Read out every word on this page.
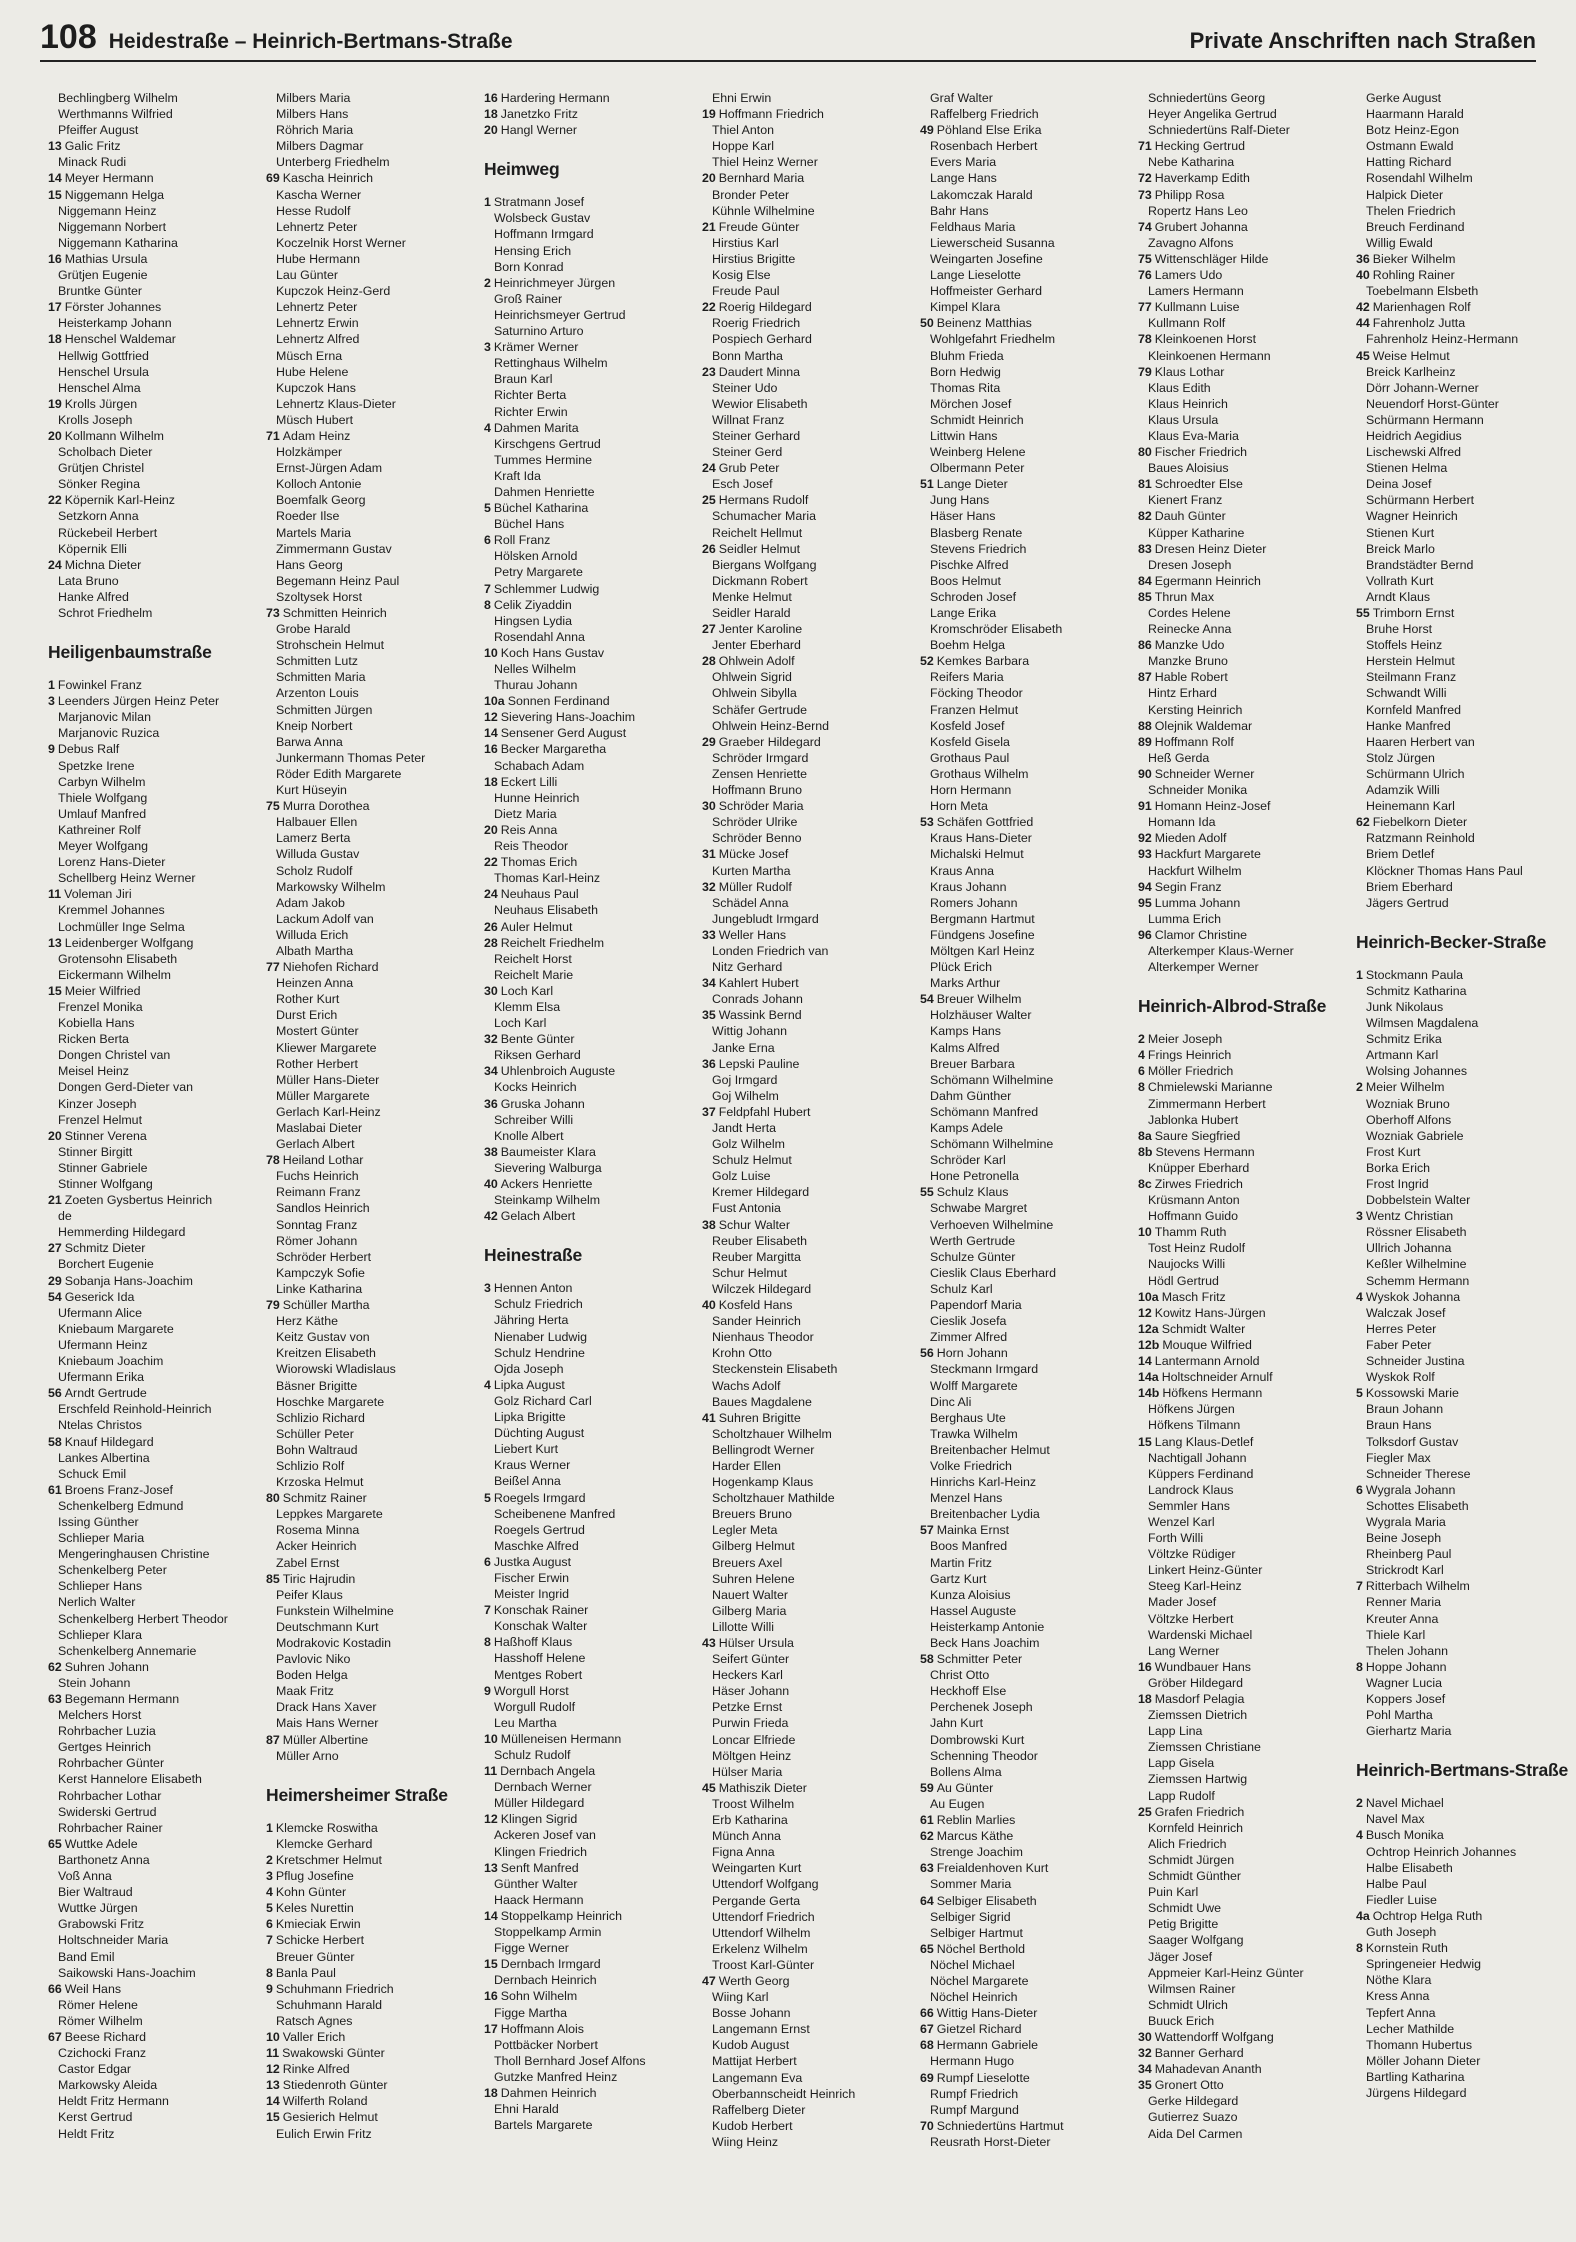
108 Heidestraße – Heinrich-Bertmans-Straße	Private Anschriften nach Straßen
Bechlingberg Wilhelm
Werthmanns Wilfried
Pfeiffer August
13 Galic Fritz
Minack Rudi
14 Meyer Hermann
15 Niggemann Helga
Niggemann Heinz
Niggemann Norbert
Niggemann Katharina
16 Mathias Ursula
Grütjen Eugenie
Bruntke Günter
17 Förster Johannes
Heisterkamp Johann
18 Henschel Waldemar
Hellwig Gottfried
Henschel Ursula
Henschel Alma
19 Krolls Jürgen
Krolls Joseph
20 Kollmann Wilhelm
Scholbach Dieter
Grütjen Christel
Sönker Regina
22 Köpernik Karl-Heinz
Setzkorn Anna
Rückebeil Herbert
Köpernik Elli
24 Michna Dieter
Lata Bruno
Hanke Alfred
Schrot Friedhelm
Heiligenbaumstraße
1 Fowinkel Franz
3 Leenders Jürgen Heinz Peter
Marjanovic Milan
Marjanovic Ruzica
9 Debus Ralf
Spetzke Irene
Carbyn Wilhelm
Thiele Wolfgang
Umlauf Manfred
Kathreiner Rolf
Meyer Wolfgang
Lorenz Hans-Dieter
Schellberg Heinz Werner
11 Voleman Jiri
Kremmel Johannes
Lochmüller Inge Selma
13 Leidenberger Wolfgang
Grotensohn Elisabeth
Eickermann Wilhelm
15 Meier Wilfried
Frenzel Monika
Kobiella Hans
Ricken Berta
Dongen Christel van
Meisel Heinz
Dongen Gerd-Dieter van
Kinzer Joseph
Frenzel Helmut
20 Stinner Verena
Stinner Birgitt
Stinner Gabriele
Stinner Wolfgang
21 Zoeten Gysbertus Heinrich
de
Hemmerding Hildegard
27 Schmitz Dieter
Borchert Eugenie
29 Sobanja Hans-Joachim
54 Geserick Ida
Ufermann Alice
Kniebaum Margarete
Ufermann Heinz
Kniebaum Joachim
Ufermann Erika
56 Arndt Gertrude
Erschfeld Reinhold-Heinrich
Ntelas Christos
58 Knauf Hildegard
Lankes Albertina
Schuck Emil
61 Broens Franz-Josef
Schenkelberg Edmund
Issing Günther
Schlieper Maria
Mengeringhausen Christine
Schenkelberg Peter
Schlieper Hans
Nerlich Walter
Schenkelberg Herbert Theodor
Schlieper Klara
Schenkelberg Annemarie
62 Suhren Johann
Stein Johann
63 Begemann Hermann
Melchers Horst
Rohrbacher Luzia
Gertges Heinrich
Rohrbacher Günter
Kerst Hannelore Elisabeth
Rohrbacher Lothar
Swiderski Gertrud
Rohrbacher Rainer
65 Wuttke Adele
Barthonetz Anna
Voß Anna
Bier Waltraud
Wuttke Jürgen
Grabowski Fritz
Holtschneider Maria
Band Emil
Saikowski Hans-Joachim
66 Weil Hans
Römer Helene
Römer Wilhelm
67 Beese Richard
Czichocki Franz
Castor Edgar
Markowsky Aleida
Heldt Fritz Hermann
Kerst Gertrud
Heldt Fritz
Milbers Maria
Milbers Hans
Röhrich Maria
Milbers Dagmar
Unterberg Friedhelm
69 Kascha Heinrich
Kascha Werner
Hesse Rudolf
Lehnertz Peter
Koczelnik Horst Werner
Hube Hermann
Lau Günter
Kupczok Heinz-Gerd
Lehnertz Peter
Lehnertz Erwin
Lehnertz Alfred
Müsch Erna
Hube Helene
Kupczok Hans
Lehnertz Klaus-Dieter
Müsch Hubert
71 Adam Heinz
Holzkämper
Ernst-Jürgen Adam
Kolloch Antonie
Boemfalk Georg
Roeder Ilse
Martels Maria
Zimmermann Gustav
Hans Georg
Begemann Heinz Paul
Szoltysek Horst
73 Schmitten Heinrich
Grobe Harald
Strohschein Helmut
Schmitten Lutz
Schmitten Maria
Arzenton Louis
Schmitten Jürgen
Kneip Norbert
Barwa Anna
Junkermann Thomas Peter
Röder Edith Margarete
Kurt Hüseyin
75 Murra Dorothea
Halbauer Ellen
Lamerz Berta
Willuda Gustav
Scholz Rudolf
Markowsky Wilhelm
Adam Jakob
Lackum Adolf van
Willuda Erich
Albath Martha
77 Niehofen Richard
Heinzen Anna
Rother Kurt
Durst Erich
Mostert Günter
Kliewer Margarete
Rother Herbert
Müller Hans-Dieter
Müller Margarete
Gerlach Karl-Heinz
Maslabai Dieter
Gerlach Albert
78 Heiland Lothar
Fuchs Heinrich
Reimann Franz
Sandlos Heinrich
Sonntag Franz
Römer Johann
Schröder Herbert
Kampczyk Sofie
Linke Katharina
79 Schüller Martha
Herz Käthe
Keitz Gustav von
Kreitzen Elisabeth
Wiorowski Wladislaus
Bäsner Brigitte
Hoschke Margarete
Schlizio Richard
Schüller Peter
Bohn Waltraud
Schlizio Rolf
Krzoska Helmut
80 Schmitz Rainer
Leppkes Margarete
Rosema Minna
Acker Heinrich
Zabel Ernst
85 Tiric Hajrudin
Peifer Klaus
Funkstein Wilhelmine
Deutschmann Kurt
Modrakovic Kostadin
Pavlovic Niko
Boden Helga
Maak Fritz
Drack Hans Xaver
Mais Hans Werner
87 Müller Albertine
Müller Arno
Heimersheimer Straße
1 Klemcke Roswitha
Klemcke Gerhard
2 Kretschmer Helmut
3 Pflug Josefine
4 Kohn Günter
5 Keles Nurettin
6 Kmieciak Erwin
7 Schicke Herbert
Breuer Günter
8 Banla Paul
9 Schuhmann Friedrich
Schuhmann Harald
Ratsch Agnes
10 Valler Erich
11 Swakowski Günter
12 Rinke Alfred
13 Stiedenroth Günter
14 Wilferth Roland
15 Gesierich Helmut
Eulich Erwin Fritz
16 Hardering Hermann
18 Janetzko Fritz
20 Hangl Werner
Heimweg
1 Stratmann Josef
Wolsbeck Gustav
Hoffmann Irmgard
Hensing Erich
Born Konrad
2 Heinrichmeyer Jürgen
Groß Rainer
Heinrichsmeyer Gertrud
Saturnino Arturo
3 Krämer Werner
Rettinghaus Wilhelm
Braun Karl
Richter Berta
Richter Erwin
4 Dahmen Marita
Kirschgens Gertrud
Tummes Hermine
Kraft Ida
Dahmen Henriette
5 Büchel Katharina
Büchel Hans
6 Roll Franz
Hölsken Arnold
Petry Margarete
7 Schlemmer Ludwig
8 Celik Ziyaddin
Hingsen Lydia
Rosendahl Anna
10 Koch Hans Gustav
Nelles Wilhelm
Thurau Johann
10a Sonnen Ferdinand
12 Sievering Hans-Joachim
14 Sensener Gerd August
16 Becker Margaretha
Schabach Adam
18 Eckert Lilli
Hunne Heinrich
Dietz Maria
20 Reis Anna
Reis Theodor
22 Thomas Erich
Thomas Karl-Heinz
24 Neuhaus Paul
Neuhaus Elisabeth
26 Auler Helmut
28 Reichelt Friedhelm
Reichelt Horst
Reichelt Marie
30 Loch Karl
Klemm Elsa
Loch Karl
32 Bente Günter
Riksen Gerhard
34 Uhlenbroich Auguste
Kocks Heinrich
36 Gruska Johann
Schreiber Willi
Knolle Albert
38 Baumeister Klara
Sievering Walburga
40 Ackers Henriette
Steinkamp Wilhelm
42 Gelach Albert
Heinestraße
3 Hennen Anton
Schulz Friedrich
Jähring Herta
Nienaber Ludwig
Schulz Hendrine
Ojda Joseph
4 Lipka August
Golz Richard Carl
Lipka Brigitte
Düchting August
Liebert Kurt
Kraus Werner
Beißel Anna
5 Roegels Irmgard
Scheibenene Manfred
Roegels Gertrud
Maschke Alfred
6 Justka August
Fischer Erwin
Meister Ingrid
7 Konschak Rainer
Konschak Walter
8 Haßhoff Klaus
Hasshoff Helene
Mentges Robert
9 Worgull Horst
Worgull Rudolf
Leu Martha
10 Mülleneisen Hermann
Schulz Rudolf
11 Dernbach Angela
Dernbach Werner
Müller Hildegard
12 Klingen Sigrid
Ackeren Josef van
Klingen Friedrich
13 Senft Manfred
Günther Walter
Haack Hermann
14 Stoppelkamp Heinrich
Stoppelkamp Armin
Figge Werner
15 Dernbach Irmgard
Dernbach Heinrich
16 Sohn Wilhelm
Figge Martha
17 Hoffmann Alois
Pottbäcker Norbert
Tholl Bernhard Josef Alfons
Gutzke Manfred Heinz
18 Dahmen Heinrich
Ehni Harald
Bartels Margarete
Ehni Erwin
19 Hoffmann Friedrich
Thiel Anton
Hoppe Karl
Thiel Heinz Werner
20 Bernhard Maria
Bronder Peter
Kühnle Wilhelmine
21 Freude Günter
Hirstius Karl
Hirstius Brigitte
Kosig Else
Freude Paul
22 Roerig Hildegard
Roerig Friedrich
Pospiech Gerhard
Bonn Martha
23 Daudert Minna
Steiner Udo
Wewior Elisabeth
Willnat Franz
Steiner Gerhard
Steiner Gerd
24 Grub Peter
Esch Josef
25 Hermans Rudolf
Schumacher Maria
Reichelt Hellmut
26 Seidler Helmut
Biergans Wolfgang
Dickmann Robert
Menke Helmut
Seidler Harald
27 Jenter Karoline
Jenter Eberhard
28 Ohlwein Adolf
Ohlwein Sigrid
Ohlwein Sibylla
Schäfer Gertrude
Ohlwein Heinz-Bernd
29 Graeber Hildegard
Schröder Irmgard
Zensen Henriette
Hoffmann Bruno
30 Schröder Maria
Schröder Ulrike
Schröder Benno
31 Mücke Josef
Kurten Martha
32 Müller Rudolf
Schädel Anna
Jungebludt Irmgard
33 Weller Hans
Londen Friedrich van
Nitz Gerhard
34 Kahlert Hubert
Conrads Johann
35 Wassink Bernd
Wittig Johann
Janke Erna
36 Lepski Pauline
Goj Irmgard
Goj Wilhelm
37 Feldpfahl Hubert
Jandt Herta
Golz Wilhelm
Schulz Helmut
Golz Luise
Kremer Hildegard
Fust Antonia
38 Schur Walter
Reuber Elisabeth
Reuber Margitta
Schur Helmut
Wilczek Hildegard
40 Kosfeld Hans
Sander Heinrich
Nienhaus Theodor
Krohn Otto
Steckenstein Elisabeth
Wachs Adolf
Baues Magdalene
41 Suhren Brigitte
Scholtzhauer Wilhelm
Bellingrodt Werner
Harder Ellen
Hogenkamp Klaus
Scholtzhauer Mathilde
Breuers Bruno
Legler Meta
Gilberg Helmut
Breuers Axel
Suhren Helene
Nauert Walter
Gilberg Maria
Lillotte Willi
43 Hülser Ursula
Seifert Günter
Heckers Karl
Häser Johann
Petzke Ernst
Purwin Frieda
Loncar Elfriede
Möltgen Heinz
Hülser Maria
45 Mathiszik Dieter
Troost Wilhelm
Erb Katharina
Münch Anna
Figna Anna
Weingarten Kurt
Uttendorf Wolfgang
Pergande Gerta
Uttendorf Friedrich
Uttendorf Wilhelm
Erkelenz Wilhelm
Troost Karl-Günter
47 Werth Georg
Wiing Karl
Bosse Johann
Langemann Ernst
Kudob August
Mattijat Herbert
Langemann Eva
Oberbannscheidt Heinrich
Raffelberg Dieter
Kudob Herbert
Wiing Heinz
Graf Walter
Raffelberg Friedrich
49 Pöhland Else Erika
Rosenbach Herbert
Evers Maria
Lange Hans
Lakomczak Harald
Bahr Hans
Feldhaus Maria
Liewerscheid Susanna
Weingarten Josefine
Lange Lieselotte
Hoffmeister Gerhard
Kimpel Klara
50 Beinenz Matthias
Wohlgefahrt Friedhelm
Bluhm Frieda
Born Hedwig
Thomas Rita
Mörchen Josef
Schmidt Heinrich
Littwin Hans
Weinberg Helene
Olbermann Peter
51 Lange Dieter
Jung Hans
Häser Hans
Blasberg Renate
Stevens Friedrich
Pischke Alfred
Boos Helmut
Schroden Josef
Lange Erika
Kromschröder Elisabeth
Boehm Helga
52 Kemkes Barbara
Reifers Maria
Föcking Theodor
Franzen Helmut
Kosfeld Josef
Kosfeld Gisela
Grothaus Paul
Grothaus Wilhelm
Horn Hermann
Horn Meta
53 Schäfen Gottfried
Kraus Hans-Dieter
Michalski Helmut
Kraus Anna
Kraus Johann
Romers Johann
Bergmann Hartmut
Fündgens Josefine
Möltgen Karl Heinz
Plück Erich
Marks Arthur
54 Breuer Wilhelm
Holzhäuser Walter
Kamps Hans
Kalms Alfred
Breuer Barbara
Schömann Wilhelmine
Dahm Günther
Schömann Manfred
Kamps Adele
Schömann Wilhelmine
Schröder Karl
Hone Petronella
55 Schulz Klaus
Schwabe Margret
Verhoeven Wilhelmine
Werth Gertrude
Schulze Günter
Cieslik Claus Eberhard
Schulz Karl
Papendorf Maria
Cieslik Josefa
Zimmer Alfred
56 Horn Johann
Steckmann Irmgard
Wolff Margarete
Dinc Ali
Berghaus Ute
Trawka Wilhelm
Breitenbacher Helmut
Volke Friedrich
Hinrichs Karl-Heinz
Menzel Hans
Breitenbacher Lydia
57 Mainka Ernst
Boos Manfred
Martin Fritz
Gartz Kurt
Kunza Aloisius
Hassel Auguste
Heisterkamp Antonie
Beck Hans Joachim
58 Schmitter Peter
Christ Otto
Heckhoff Else
Perchenek Joseph
Jahn Kurt
Dombrowski Kurt
Schenning Theodor
Bollens Alma
59 Au Günter
Au Eugen
61 Reblin Marlies
62 Marcus Käthe
Strenge Joachim
63 Freialdenhoven Kurt
Sommer Maria
64 Selbiger Elisabeth
Selbiger Sigrid
Selbiger Hartmut
65 Nöchel Berthold
Nöchel Michael
Nöchel Margarete
Nöchel Heinrich
66 Wittig Hans-Dieter
67 Gietzel Richard
68 Hermann Gabriele
Hermann Hugo
69 Rumpf Lieselotte
Rumpf Friedrich
Rumpf Margund
70 Schniedertüns Hartmut
Reusrath Horst-Dieter
Schniedertüns Georg
Heyer Angelika Gertrud
Schniedertüns Ralf-Dieter
71 Hecking Gertrud
Nebe Katharina
72 Haverkamp Edith
73 Philipp Rosa
Ropertz Hans Leo
74 Grubert Johanna
Zavagno Alfons
75 Wittenschläger Hilde
76 Lamers Udo
Lamers Hermann
77 Kullmann Luise
Kullmann Rolf
78 Kleinkoenen Horst
Kleinkoenen Hermann
79 Klaus Lothar
Klaus Edith
Klaus Heinrich
Klaus Ursula
Klaus Eva-Maria
80 Fischer Friedrich
Baues Aloisius
81 Schroedter Else
Kienert Franz
82 Dauh Günter
Küpper Katharine
83 Dresen Heinz Dieter
Dresen Joseph
84 Egermann Heinrich
85 Thrun Max
Cordes Helene
Reinecke Anna
86 Manzke Udo
Manzke Bruno
87 Hable Robert
Hintz Erhard
Kersting Heinrich
88 Olejnik Waldemar
89 Hoffmann Rolf
Heß Gerda
90 Schneider Werner
Schneider Monika
91 Homann Heinz-Josef
Homann Ida
92 Mieden Adolf
93 Hackfurt Margarete
Hackfurt Wilhelm
94 Segin Franz
95 Lumma Johann
Lumma Erich
96 Clamor Christine
Alterkemper Klaus-Werner
Alterkemper Werner
Heinrich-Albrod-Straße
2 Meier Joseph
4 Frings Heinrich
6 Möller Friedrich
8 Chmielewski Marianne
Zimmermann Herbert
Jablonka Hubert
8a Saure Siegfried
8b Stevens Hermann
Knüpper Eberhard
8c Zirwes Friedrich
Krüsmann Anton
Hoffmann Guido
10 Thamm Ruth
Tost Heinz Rudolf
Naujocks Willi
Hödl Gertrud
10a Masch Fritz
12 Kowitz Hans-Jürgen
12a Schmidt Walter
12b Mouque Wilfried
14 Lantermann Arnold
14a Holtschneider Arnulf
14b Höfkens Hermann
Höfkens Jürgen
Höfkens Tilmann
15 Lang Klaus-Detlef
Nachtigall Johann
Küppers Ferdinand
Landrock Klaus
Semmler Hans
Wenzel Karl
Forth Willi
Völtzke Rüdiger
Linkert Heinz-Günter
Steeg Karl-Heinz
Mader Josef
Völtzke Herbert
Wardenski Michael
Lang Werner
16 Wundbauer Hans
Gröber Hildegard
18 Masdorf Pelagia
Ziemssen Dietrich
Lapp Lina
Ziemssen Christiane
Lapp Gisela
Ziemssen Hartwig
Lapp Rudolf
25 Grafen Friedrich
Kornfeld Heinrich
Alich Friedrich
Schmidt Jürgen
Schmidt Günther
Puin Karl
Schmidt Uwe
Petig Brigitte
Saager Wolfgang
Jäger Josef
Appmeier Karl-Heinz Günter
Wilmsen Rainer
Schmidt Ulrich
Buuck Erich
30 Wattendorff Wolfgang
32 Banner Gerhard
34 Mahadevan Ananth
35 Gronert Otto
Gerke Hildegard
Gutierrez Suazo
Aida Del Carmen
Gerke August
Haarmann Harald
Botz Heinz-Egon
Ostmann Ewald
Hatting Richard
Rosendahl Wilhelm
Halpick Dieter
Thelen Friedrich
Breuch Ferdinand
Willig Ewald
36 Bieker Wilhelm
40 Rohling Rainer
Toebelmann Elsbeth
42 Marienhagen Rolf
44 Fahrenholz Jutta
Fahrenholz Heinz-Hermann
45 Weise Helmut
Breick Karlheinz
Dörr Johann-Werner
Neuendorf Horst-Günter
Schürmann Hermann
Heidrich Aegidius
Lischewski Alfred
Stienen Helma
Deina Josef
Schürmann Herbert
Wagner Heinrich
Stienen Kurt
Breick Marlo
Brandstädter Bernd
Vollrath Kurt
Arndt Klaus
55 Trimborn Ernst
Bruhe Horst
Stoffels Heinz
Herstein Helmut
Steilmann Franz
Schwandt Willi
Kornfeld Manfred
Hanke Manfred
Haaren Herbert van
Stolz Jürgen
Schürmann Ulrich
Adamzik Willi
Heinemann Karl
62 Fiebelkorn Dieter
Ratzmann Reinhold
Briem Detlef
Klöckner Thomas Hans Paul
Briem Eberhard
Jägers Gertrud
Heinrich-Becker-Straße
1 Stockmann Paula
Schmitz Katharina
Junk Nikolaus
Wilmsen Magdalena
Schmitz Erika
Artmann Karl
Wolsing Johannes
2 Meier Wilhelm
Wozniak Bruno
Oberhoff Alfons
Wozniak Gabriele
Frost Kurt
Borka Erich
Frost Ingrid
Dobbelstein Walter
3 Wentz Christian
Rössner Elisabeth
Ullrich Johanna
Keßler Wilhelmine
Schemm Hermann
4 Wyskok Johanna
Walczak Josef
Herres Peter
Faber Peter
Schneider Justina
Wyskok Rolf
5 Kossowski Marie
Braun Johann
Braun Hans
Tolksdorf Gustav
Fiegler Max
Schneider Therese
6 Wygrala Johann
Schottes Elisabeth
Wygrala Maria
Beine Joseph
Rheinberg Paul
Strickrodt Karl
7 Ritterbach Wilhelm
Renner Maria
Kreuter Anna
Thiele Karl
Thelen Johann
8 Hoppe Johann
Wagner Lucia
Koppers Josef
Pohl Martha
Gierhartz Maria
Heinrich-Bertmans-Straße
2 Navel Michael
Navel Max
4 Busch Monika
Ochtrop Heinrich Johannes
Halbe Elisabeth
Halbe Paul
Fiedler Luise
4a Ochtrop Helga Ruth
Guth Joseph
8 Kornstein Ruth
Springeneier Hedwig
Nöthe Klara
Kress Anna
Tepfert Anna
Lecher Mathilde
Thomann Hubertus
Möller Johann Dieter
Bartling Katharina
Jürgens Hildegard
